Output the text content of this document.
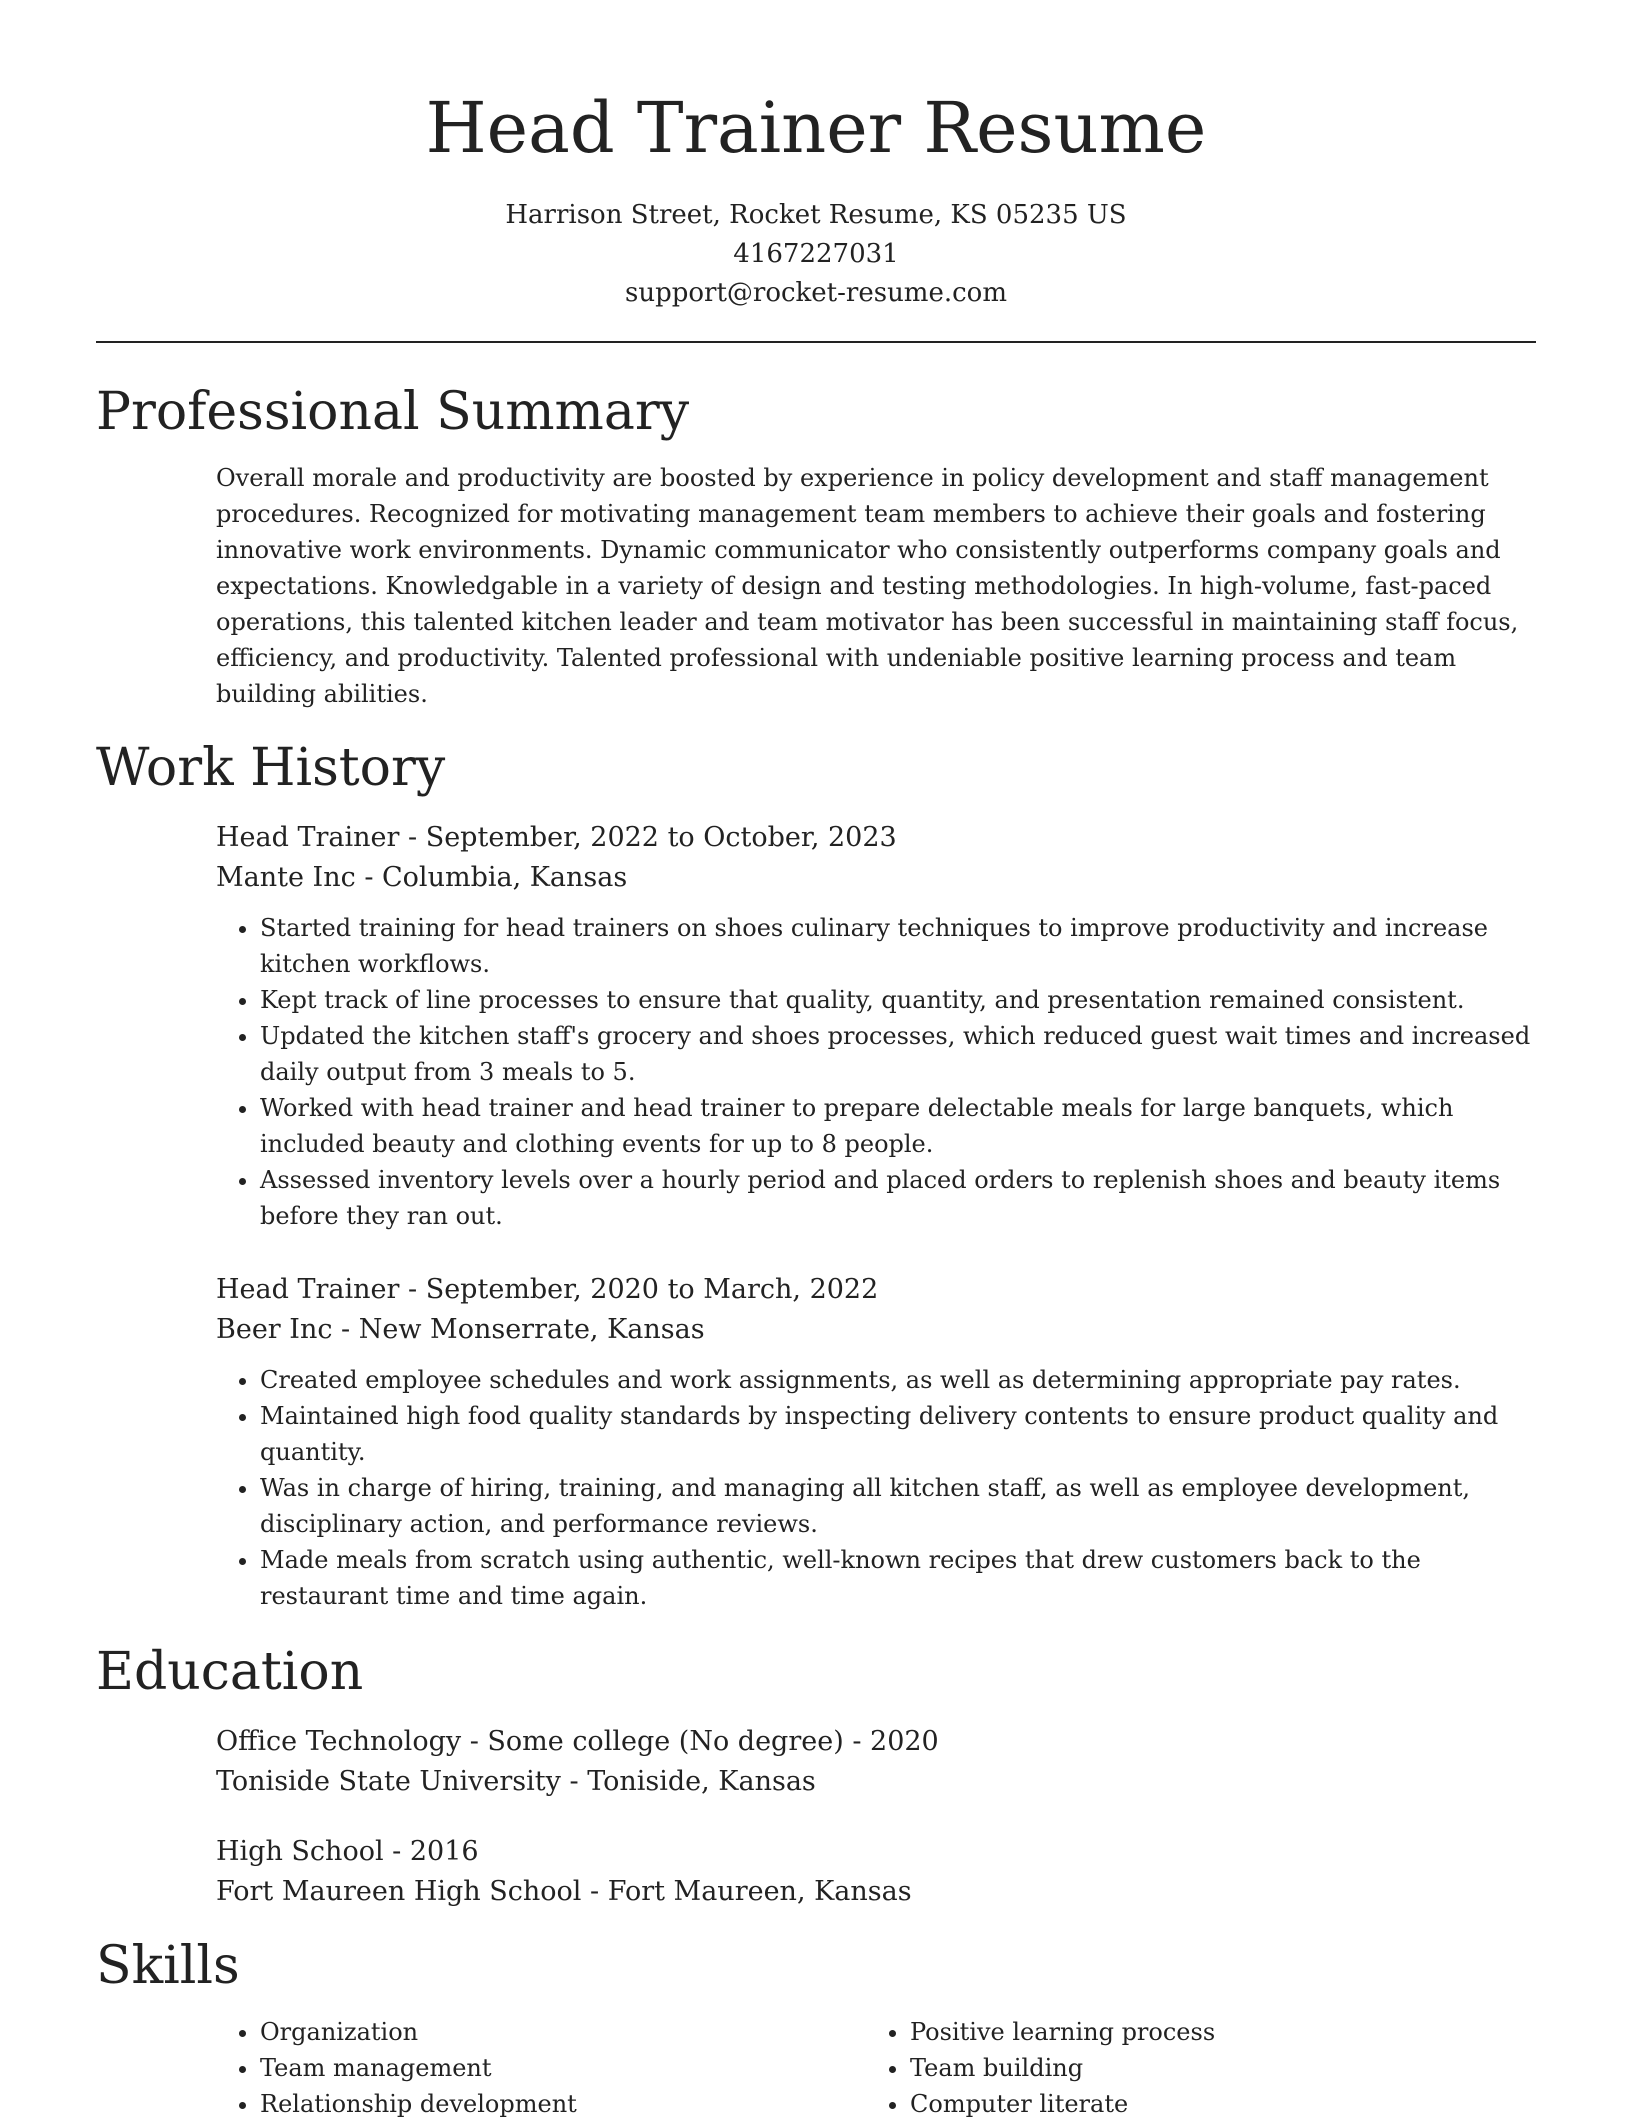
Head Trainer Resume
Harrison Street, Rocket Resume, KS 05235 US
4167227031
support@rocket-resume.com
Professional Summary
Overall morale and productivity are boosted by experience in policy development and staff management procedures. Recognized for motivating management team members to achieve their goals and fostering innovative work environments. Dynamic communicator who consistently outperforms company goals and expectations. Knowledgable in a variety of design and testing methodologies. In high-volume, fast-paced operations, this talented kitchen leader and team motivator has been successful in maintaining staff focus, efficiency, and productivity. Talented professional with undeniable positive learning process and team building abilities.
Work History
Head Trainer - September, 2022 to October, 2023
Mante Inc - Columbia, Kansas
• Started training for head trainers on shoes culinary techniques to improve productivity and increase kitchen workflows.
• Kept track of line processes to ensure that quality, quantity, and presentation remained consistent.
• Updated the kitchen staff's grocery and shoes processes, which reduced guest wait times and increased daily output from 3 meals to 5.
• Worked with head trainer and head trainer to prepare delectable meals for large banquets, which included beauty and clothing events for up to 8 people.
• Assessed inventory levels over a hourly period and placed orders to replenish shoes and beauty items before they ran out.
Head Trainer - September, 2020 to March, 2022
Beer Inc - New Monserrate, Kansas
• Created employee schedules and work assignments, as well as determining appropriate pay rates.
• Maintained high food quality standards by inspecting delivery contents to ensure product quality and quantity.
• Was in charge of hiring, training, and managing all kitchen staff, as well as employee development, disciplinary action, and performance reviews.
• Made meals from scratch using authentic, well-known recipes that drew customers back to the restaurant time and time again.
Education
Office Technology - Some college (No degree) - 2020
Toniside State University - Toniside, Kansas
High School - 2016
Fort Maureen High School - Fort Maureen, Kansas
Skills
• Organization
• Team management
• Relationship development
• Positive learning process
• Team building
• Computer literate
